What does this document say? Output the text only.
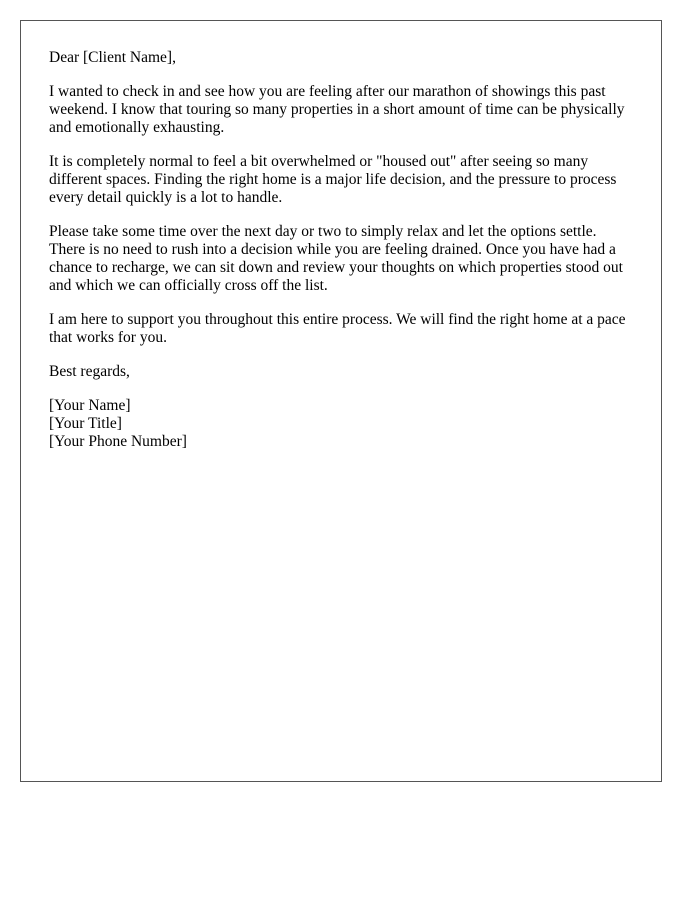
Dear [Client Name],

I wanted to check in and see how you are feeling after our marathon of showings this past weekend. I know that touring so many properties in a short amount of time can be physically and emotionally exhausting.

It is completely normal to feel a bit overwhelmed or "housed out" after seeing so many different spaces. Finding the right home is a major life decision, and the pressure to process every detail quickly is a lot to handle.

Please take some time over the next day or two to simply relax and let the options settle. There is no need to rush into a decision while you are feeling drained. Once you have had a chance to recharge, we can sit down and review your thoughts on which properties stood out and which we can officially cross off the list.

I am here to support you throughout this entire process. We will find the right home at a pace that works for you.

Best regards,

[Your Name]
[Your Title]
[Your Phone Number]
